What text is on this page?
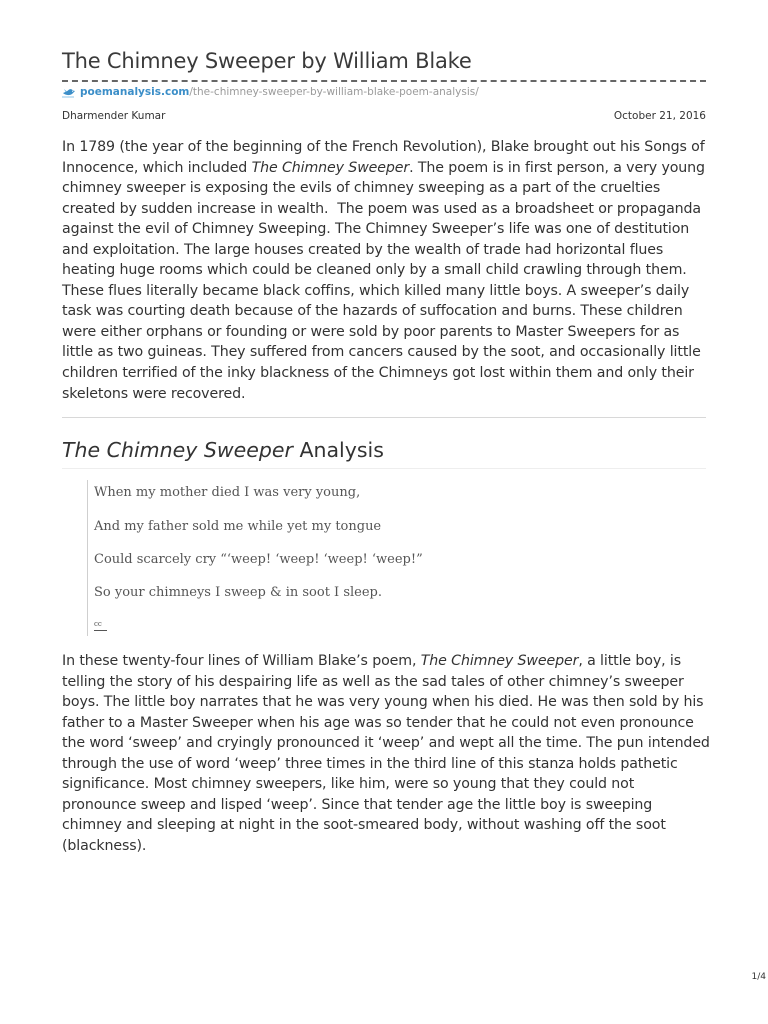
The Chimney Sweeper by William Blake
poemanalysis.com /the-chimney-sweeper-by-william-blake-poem-analysis/
Dharmender Kumar	October 21, 2016

In 1789 (the year of the beginning of the French Revolution), Blake brought out his Songs of Innocence, which included The Chimney Sweeper. The poem is in first person, a very young chimney sweeper is exposing the evils of chimney sweeping as a part of the cruelties created by sudden increase in wealth.  The poem was used as a broadsheet or propaganda against the evil of Chimney Sweeping. The Chimney Sweeper’s life was one of destitution and exploitation. The large houses created by the wealth of trade had horizontal flues heating huge rooms which could be cleaned only by a small child crawling through them. These flues literally became black coffins, which killed many little boys. A sweeper’s daily task was courting death because of the hazards of suffocation and burns. These children were either orphans or founding or were sold by poor parents to Master Sweepers for as little as two guineas. They suffered from cancers caused by the soot, and occasionally little children terrified of the inky blackness of the Chimneys got lost within them and only their skeletons were recovered.

The Chimney Sweeper Analysis

When my mother died I was very young,

And my father sold me while yet my tongue

Could scarcely cry “‘weep! ‘weep! ‘weep! ‘weep!”

So your chimneys I sweep & in soot I sleep.

cc

In these twenty-four lines of William Blake’s poem, The Chimney Sweeper, a little boy, is telling the story of his despairing life as well as the sad tales of other chimney’s sweeper boys. The little boy narrates that he was very young when his died. He was then sold by his father to a Master Sweeper when his age was so tender that he could not even pronounce the word ‘sweep’ and cryingly pronounced it ‘weep’ and wept all the time. The pun intended through the use of word ‘weep’ three times in the third line of this stanza holds pathetic significance. Most chimney sweepers, like him, were so young that they could not pronounce sweep and lisped ‘weep’. Since that tender age the little boy is sweeping chimney and sleeping at night in the soot-smeared body, without washing off the soot (blackness).

1/4
